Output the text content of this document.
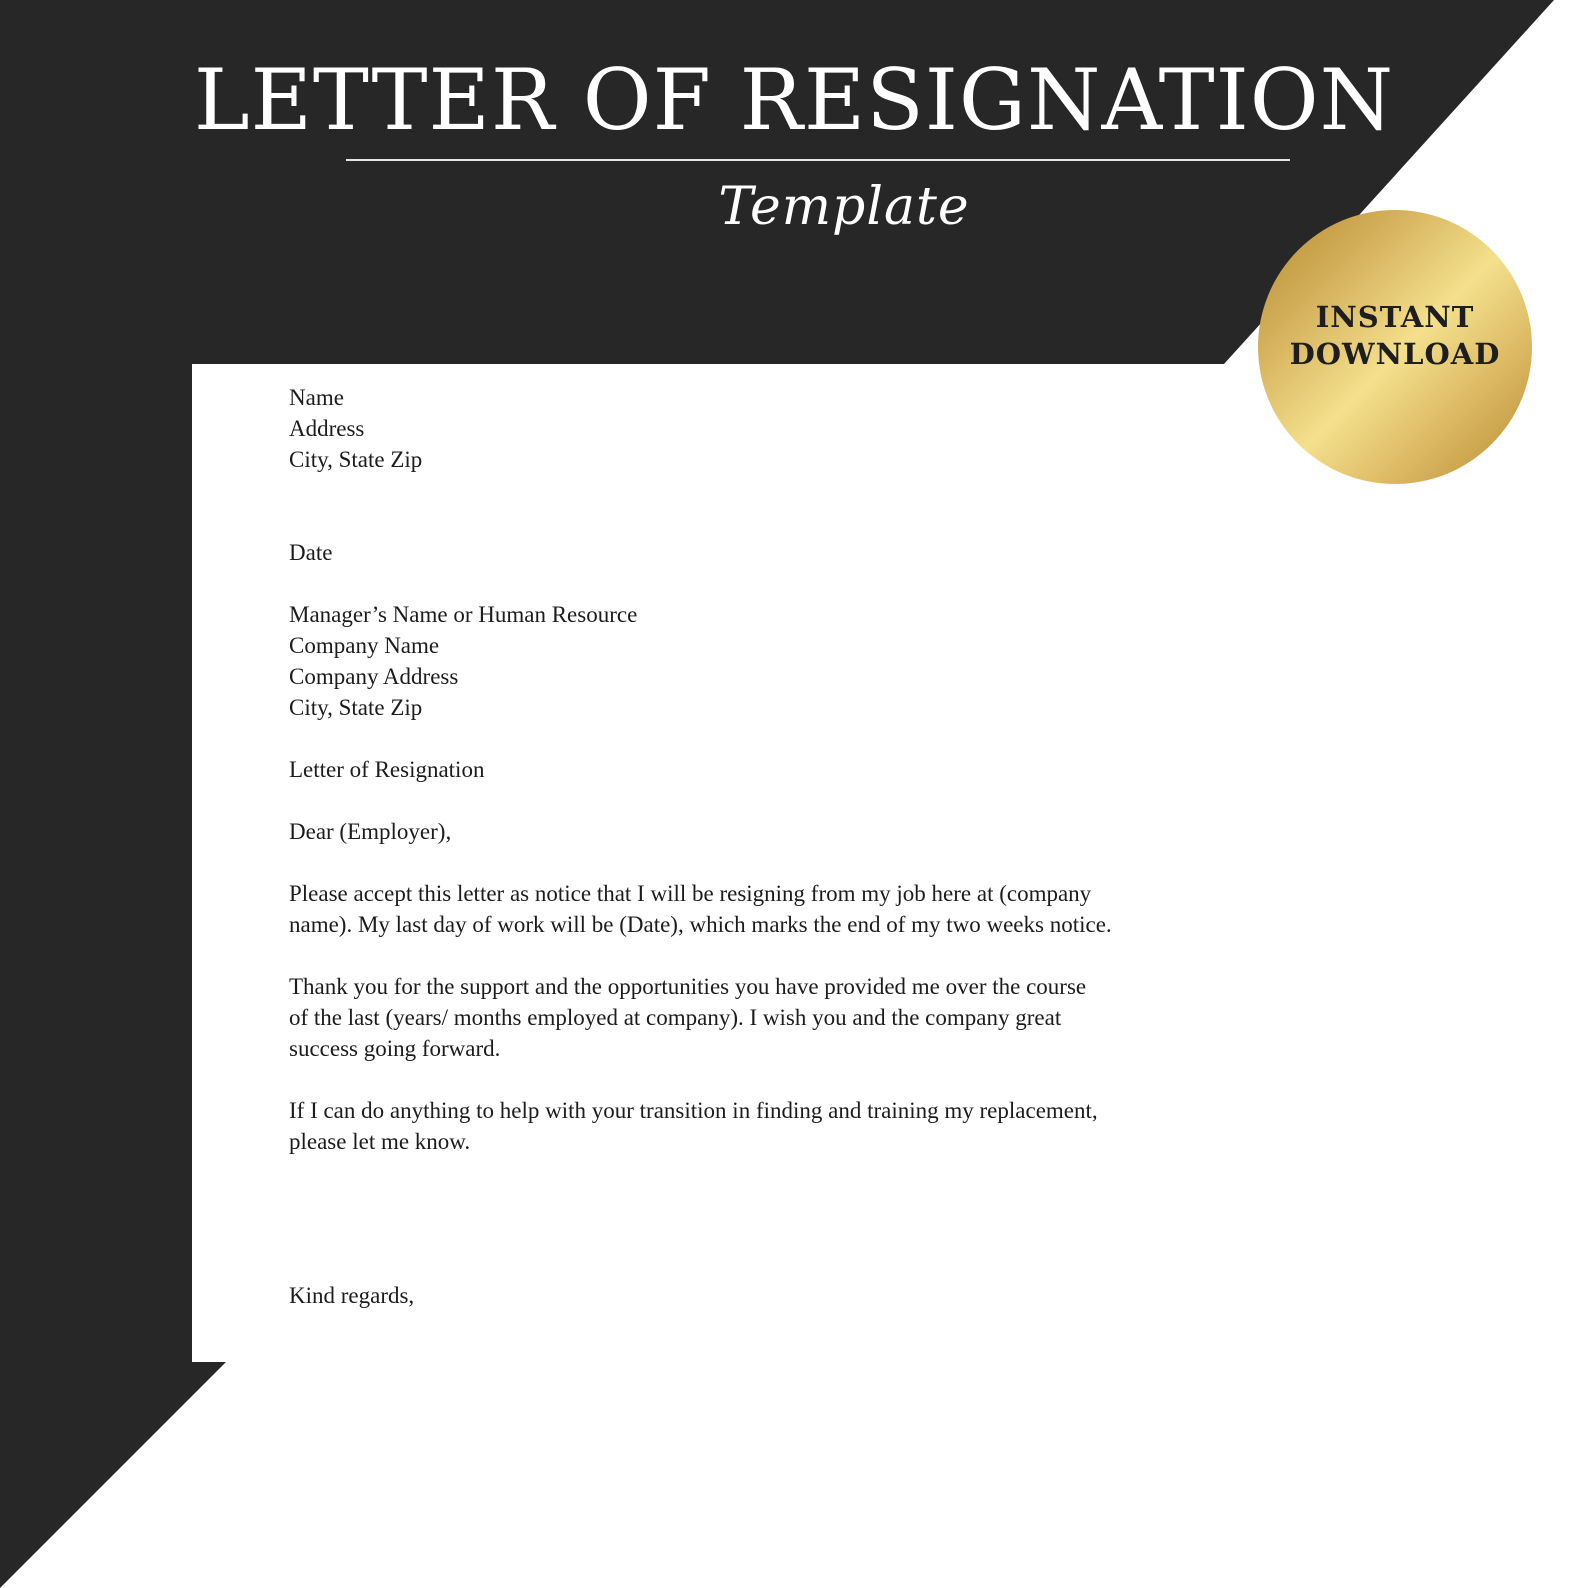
LETTER OF RESIGNATION
Template
Name
Address
City, State Zip
Date
Manager’s Name or Human Resource
Company Name
Company Address
City, State Zip
Letter of Resignation
Dear (Employer),

Please accept this letter as notice that I will be resigning from my job here at (company
name). My last day of work will be (Date), which marks the end of my two weeks notice.

Thank you for the support and the opportunities you have provided me over the course
of the last (years/ months employed at company). I wish you and the company great
success going forward.

If I can do anything to help with your transition in finding and training my replacement,
please let me know.

Kind regards,
INSTANT
DOWNLOAD
